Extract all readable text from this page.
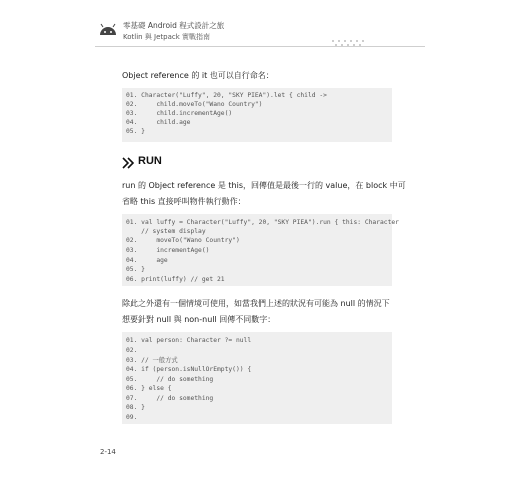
零基礎 Android 程式設計之旅
Kotlin 與 Jetpack 實戰指南
Object reference 的 it 也可以自行命名：
01. Character("Luffy", 20, "SKY PIEA").let { child ->
02.     child.moveTo("Wano Country")
03.     child.incrementAge()
04.     child.age
05. }
RUN
run 的 Object reference 是 this，回傳值是最後一行的 value，在 block 中可
省略 this 直接呼叫物件執行動作：
01. val luffy = Character("Luffy", 20, "SKY PIEA").run { this: Character
// system display
02.     moveTo("Wano Country")
03.     incrementAge()
04.     age
05. }
06. print(luffy) // get 21
除此之外還有一個情境可使用，如當我們上述的狀況有可能為 null 的情況下
想要針對 null 與 non-null 回傳不同數字：
01. val person: Character ?= null
02.
03. // 一般方式
04. if (person.isNullOrEmpty()) {
05.     // do something
06. } else {
07.     // do something
08. }
09.
2-14
